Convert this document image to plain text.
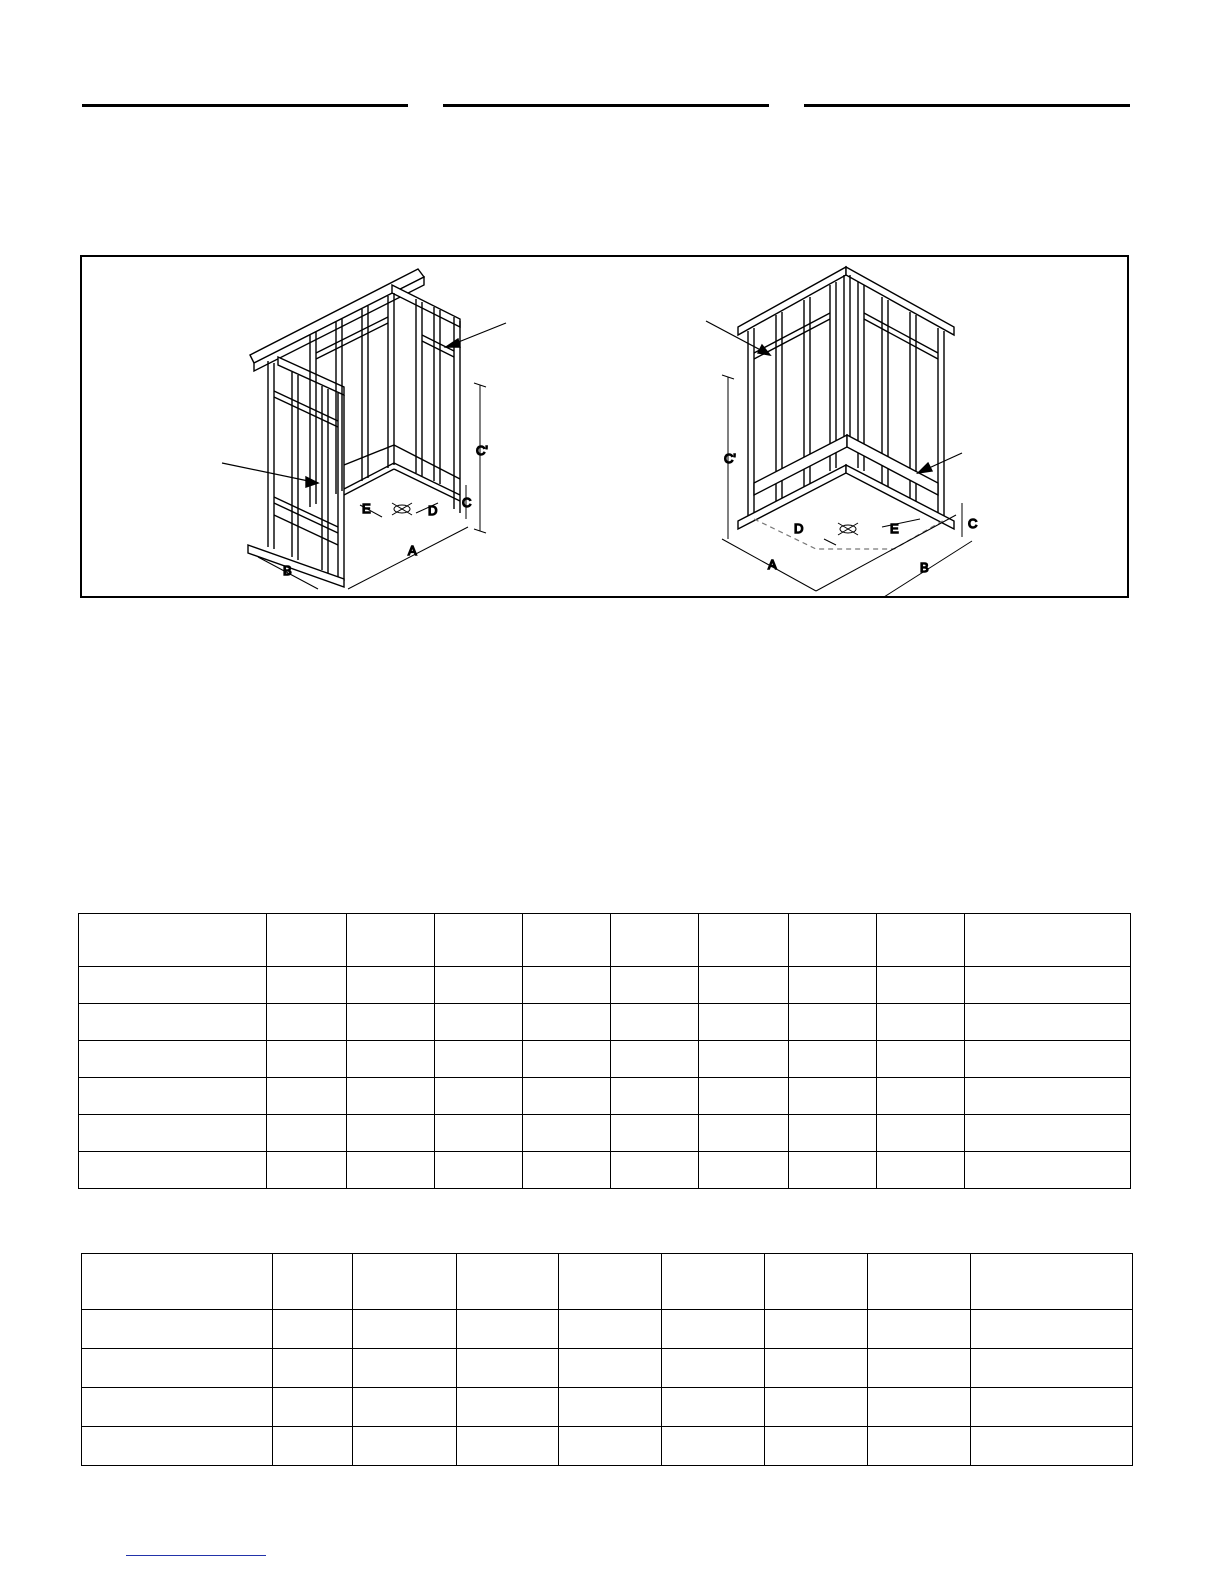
B
A
C'
C
D
E
C'
C
D	E
A	B
